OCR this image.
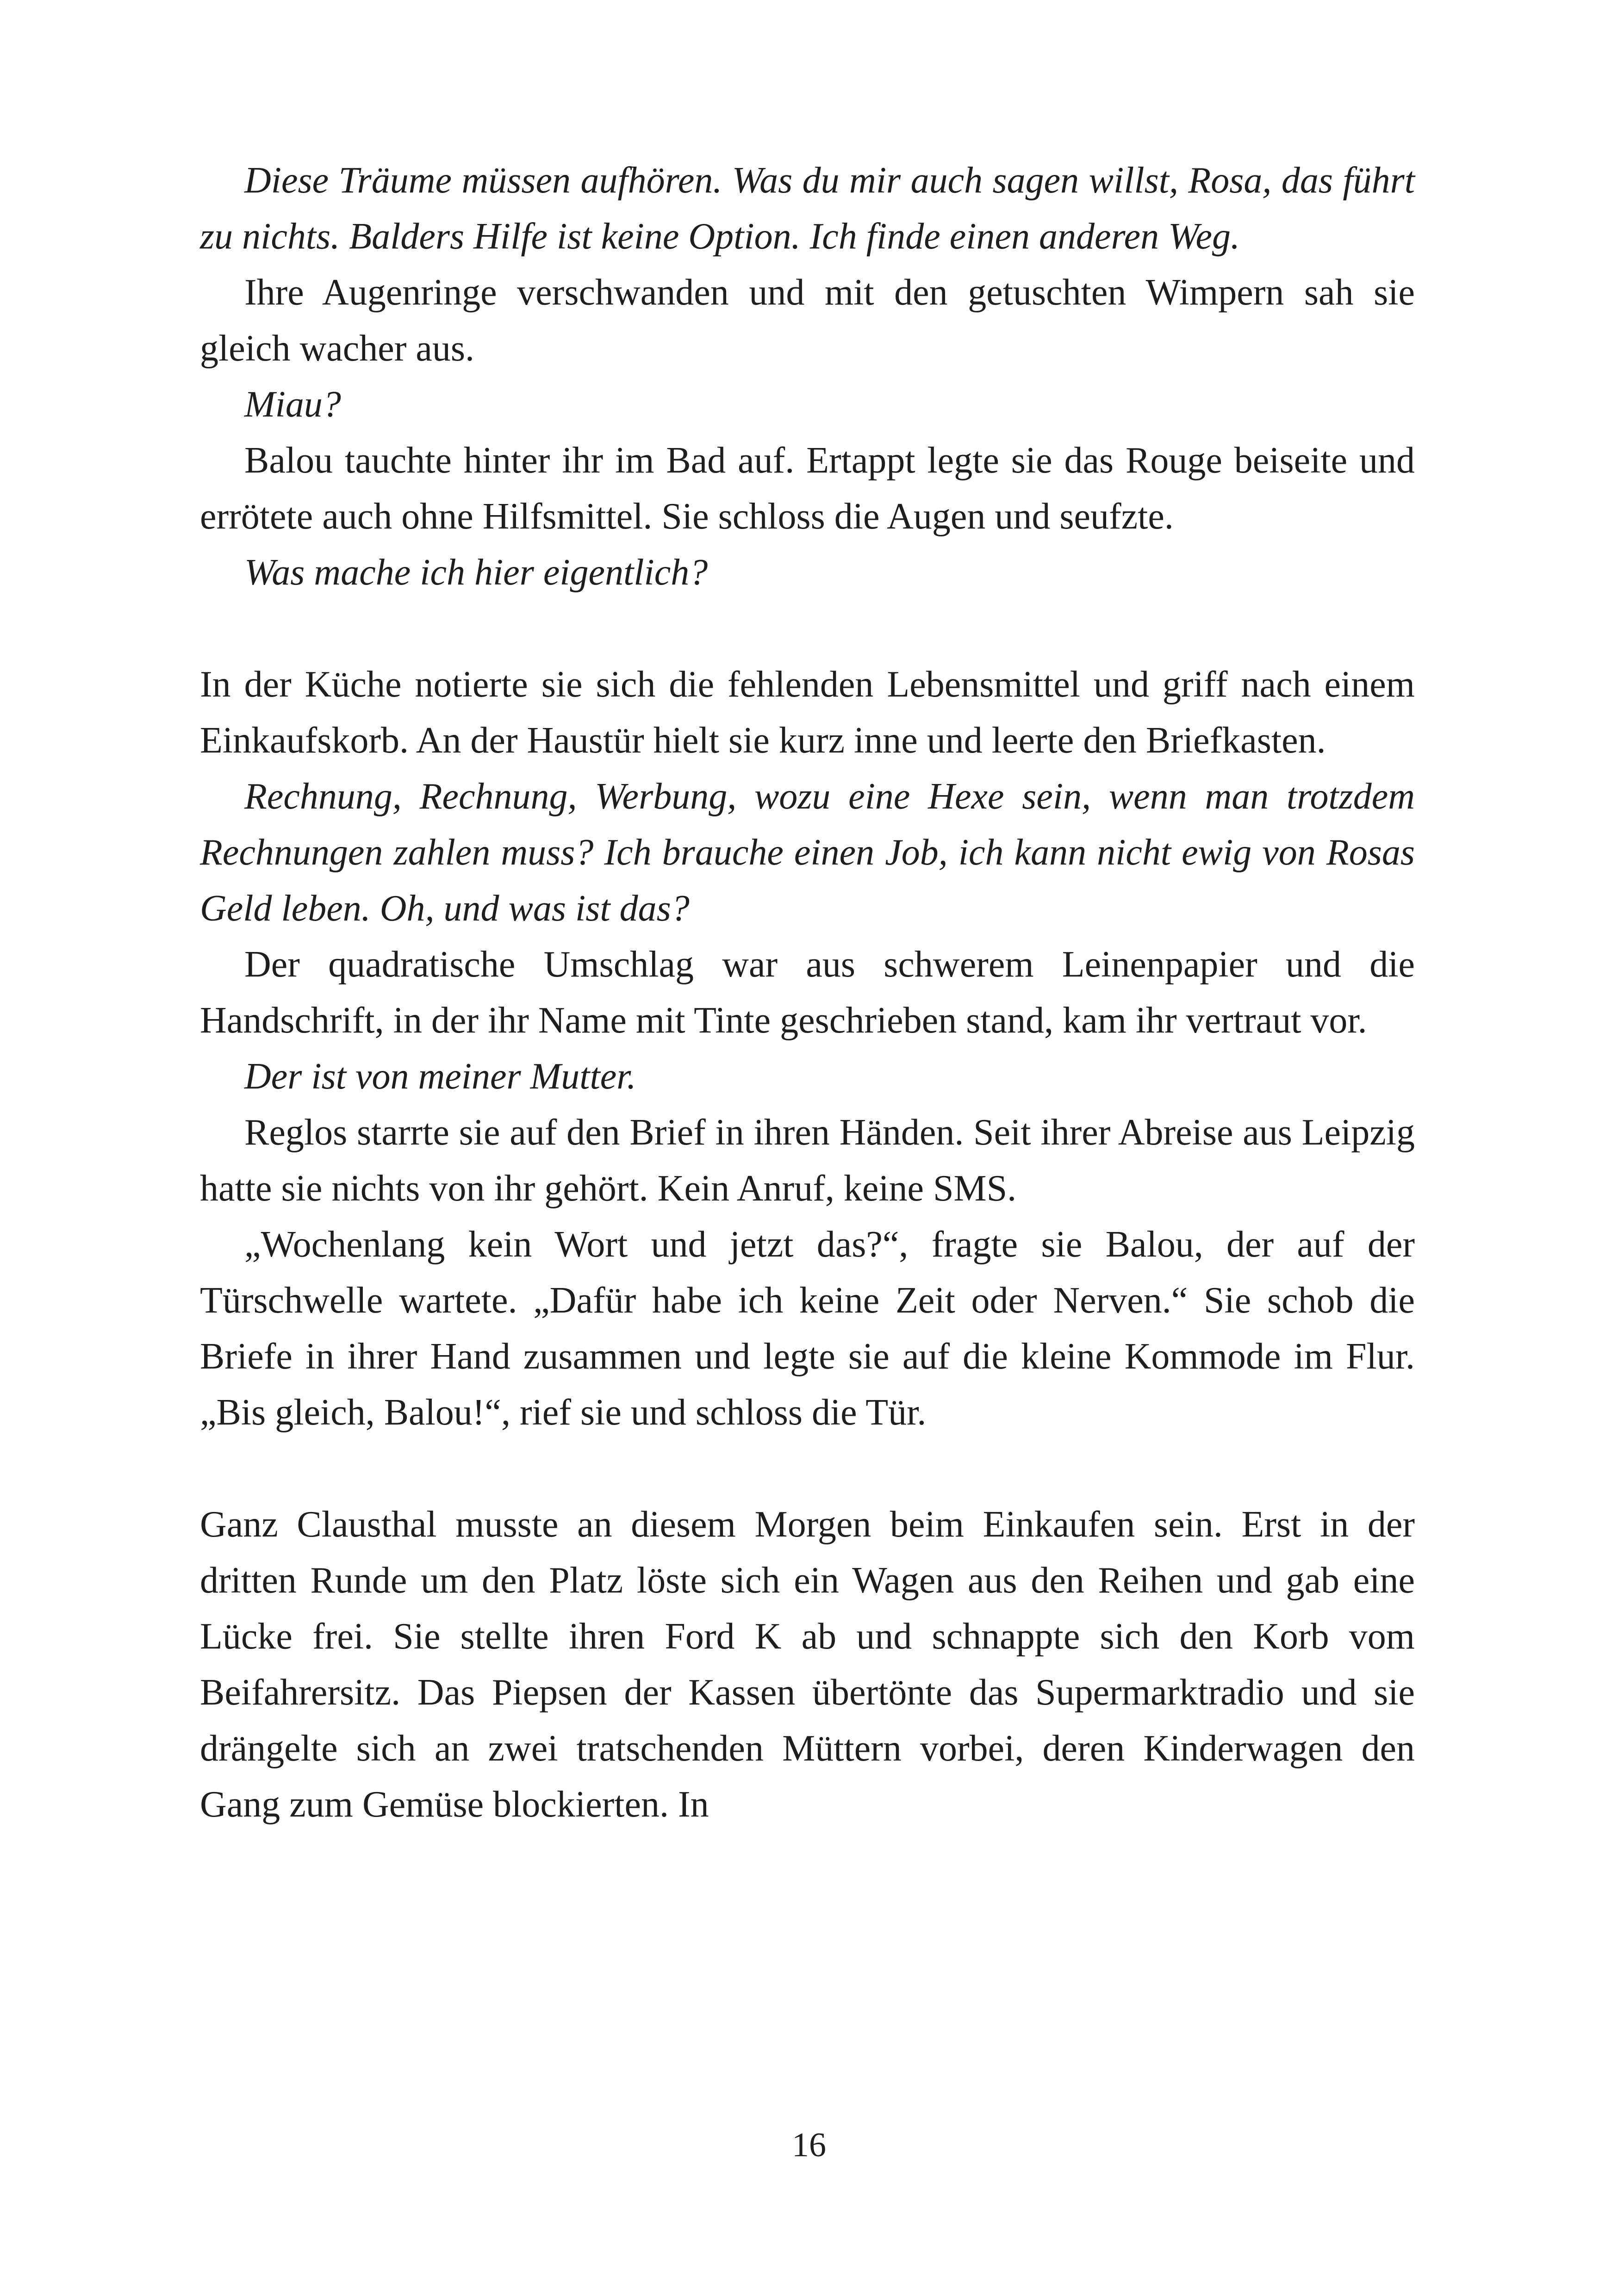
Diese Träume müssen aufhören. Was du mir auch sagen willst, Rosa, das führt zu nichts. Balders Hilfe ist keine Option. Ich finde einen anderen Weg.

Ihre Augenringe verschwanden und mit den getuschten Wimpern sah sie gleich wacher aus.

Miau?

Balou tauchte hinter ihr im Bad auf. Ertappt legte sie das Rouge beiseite und errötete auch ohne Hilfsmittel. Sie schloss die Augen und seufzte.

Was mache ich hier eigentlich?

In der Küche notierte sie sich die fehlenden Lebensmittel und griff nach einem Einkaufskorb. An der Haustür hielt sie kurz inne und leerte den Briefkasten.

Rechnung, Rechnung, Werbung, wozu eine Hexe sein, wenn man trotzdem Rechnungen zahlen muss? Ich brauche einen Job, ich kann nicht ewig von Rosas Geld leben. Oh, und was ist das?

Der quadratische Umschlag war aus schwerem Leinenpapier und die Handschrift, in der ihr Name mit Tinte geschrieben stand, kam ihr vertraut vor.

Der ist von meiner Mutter.

Reglos starrte sie auf den Brief in ihren Händen. Seit ihrer Abreise aus Leipzig hatte sie nichts von ihr gehört. Kein Anruf, keine SMS.

„Wochenlang kein Wort und jetzt das?“, fragte sie Balou, der auf der Türschwelle wartete. „Dafür habe ich keine Zeit oder Nerven.“ Sie schob die Briefe in ihrer Hand zusammen und legte sie auf die kleine Kommode im Flur. „Bis gleich, Balou!“, rief sie und schloss die Tür.

Ganz Clausthal musste an diesem Morgen beim Einkaufen sein. Erst in der dritten Runde um den Platz löste sich ein Wagen aus den Reihen und gab eine Lücke frei. Sie stellte ihren Ford K ab und schnappte sich den Korb vom Beifahrersitz. Das Piepsen der Kassen übertönte das Supermarktradio und sie drängelte sich an zwei tratschenden Müttern vorbei, deren Kinderwagen den Gang zum Gemüse blockierten. In

16
